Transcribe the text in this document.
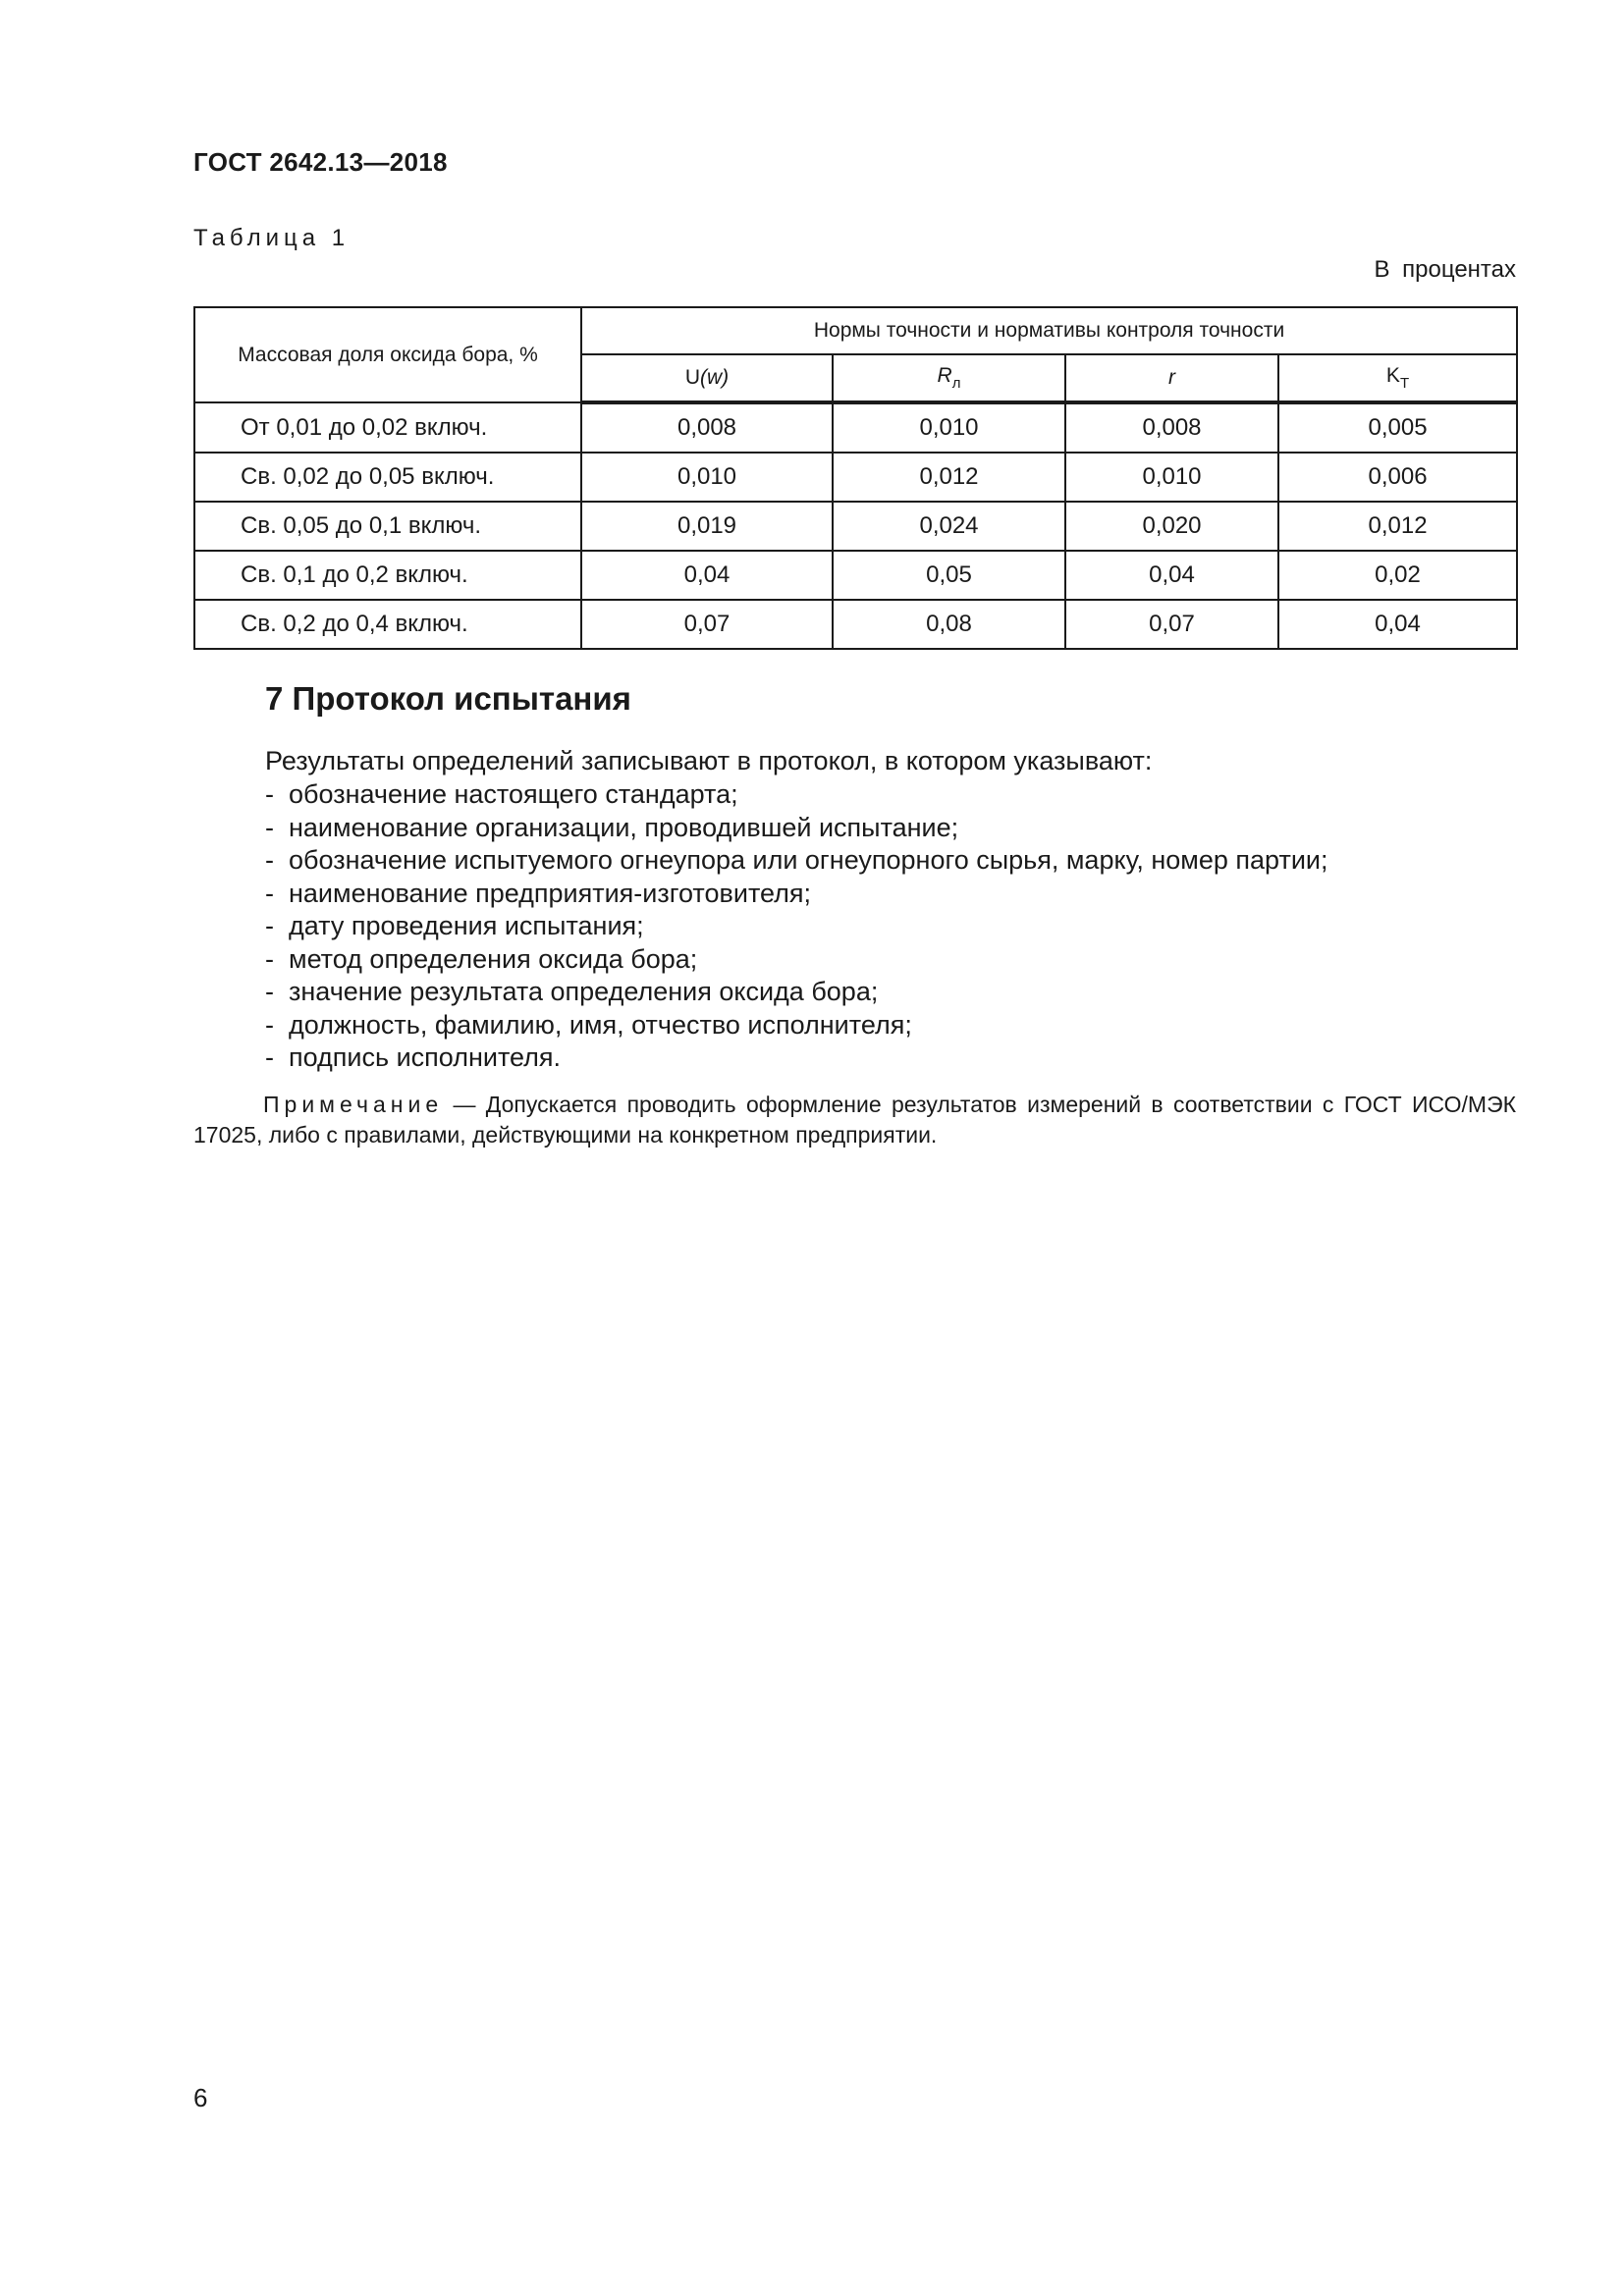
ГОСТ 2642.13—2018
Таблица 1
В процентах
Массовая доля оксида бора, %	Нормы точности и нормативы контроля точности			
	U(w)	$R_л$	r	$K_Т$
От 0,01 до 0,02 включ.	0,008	0,010	0,008	0,005
Св. 0,02 до 0,05 включ.	0,010	0,012	0,010	0,006
Св. 0,05 до 0,1 включ.	0,019	0,024	0,020	0,012
Св. 0,1 до 0,2 включ.	0,04	0,05	0,04	0,02
Св. 0,2 до 0,4 включ.	0,07	0,08	0,07	0,04
7 Протокол испытания

Результаты определений записывают в протокол, в котором указывают:

-  обозначение настоящего стандарта;
-  наименование организации, проводившей испытание;
-  обозначение испытуемого огнеупора или огнеупорного сырья, марку, номер партии;
-  наименование предприятия-изготовителя;
-  дату проведения испытания;
-  метод определения оксида бора;
-  значение результата определения оксида бора;
-  должность, фамилию, имя, отчество исполнителя;
-  подпись исполнителя.

Примечание — Допускается проводить оформление результатов измерений в соответствии с ГОСТ ИСО/МЭК 17025, либо с правилами, действующими на конкретном предприятии.

6
